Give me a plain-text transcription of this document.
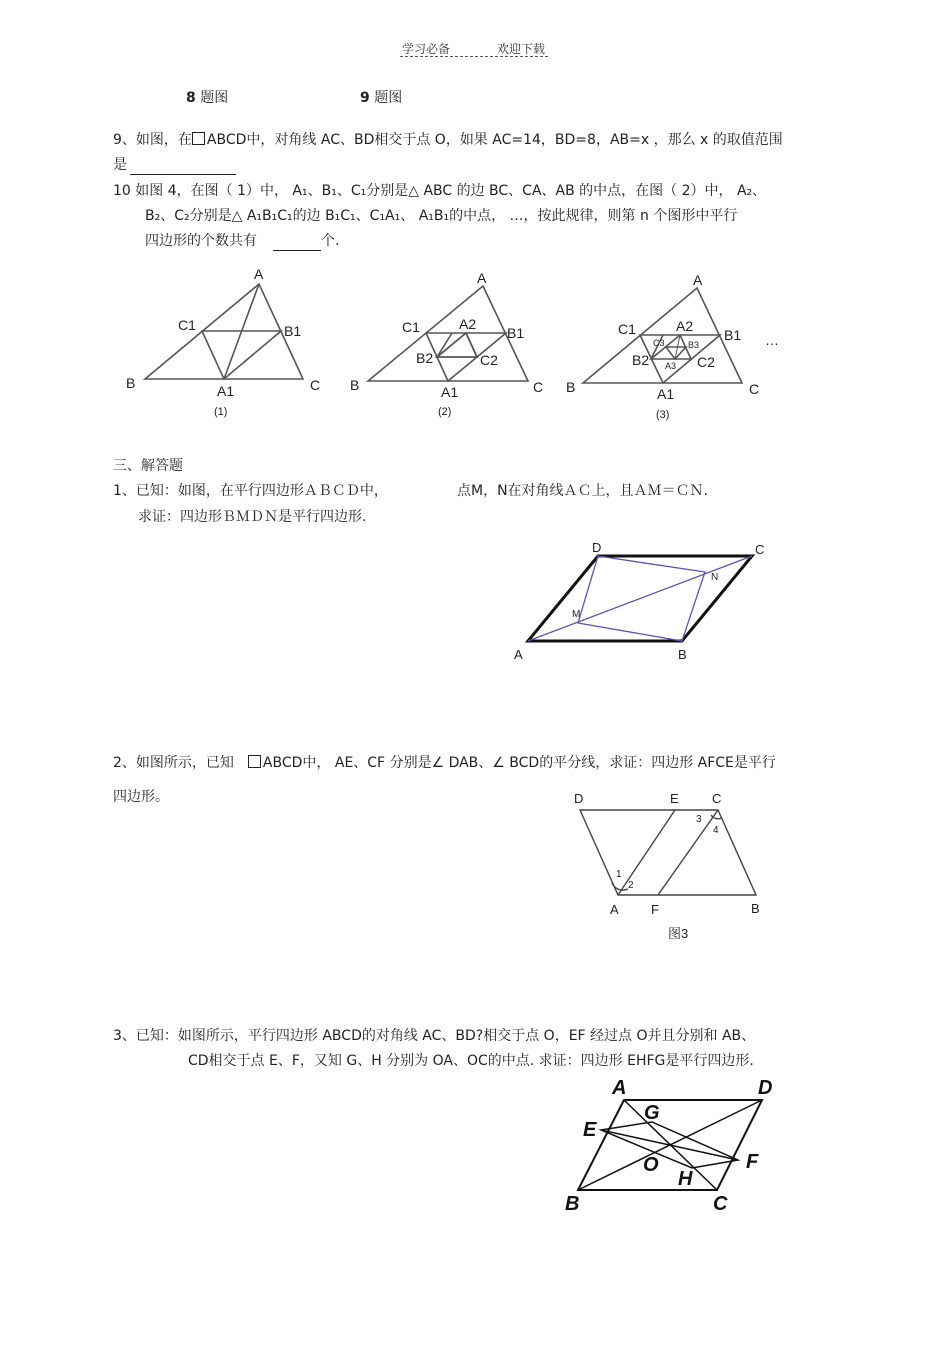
学习必备	欢迎下载
8 题图	9 题图
9、如图，在 ABCD中，对角线 AC、BD相交于点 O，如果 AC=14，BD=8，AB=x ，那么 x 的取值范围
是
10 如图 4，在图（ 1）中， A₁、B₁、C₁分别是△ ABC 的边 BC、CA、AB 的中点，在图（ 2）中， A₂、
B₂、C₂分别是△ A₁B₁C₁的边 B₁C₁、C₁A₁、 A₁B₁的中点， …，按此规律，则第 n 个图形中平行
四边形的个数共有	个.
A
B	C
A1
B1
C1
(1)
A
B	C
A1
B1
C1	A2
B2	C2
(2)
A
B	C
A1
B1
C1	A2
B2	C2
A3
B3
C3
(3)
…
三、解答题
1、已知：如图，在平行四边形ＡＢＣＤ中，	点M，N在对角线ＡＣ上，且ＡＭ＝ＣＮ.
求证：四边形ＢＭＤＮ是平行四边形.
D	C
A	B
M
N
2、如图所示，已知 ABCD中， AE、CF 分别是∠ DAB、∠ BCD的平分线，求证：四边形 AFCE是平行
四边形。	D	E	C
A F	B
1
2
3
4
图3
3、已知：如图所示，平行四边形 ABCD的对角线 AC、BD?相交于点 O，EF 经过点 O并且分别和 AB、
CD相交于点 E、F，又知 G、H 分别为 OA、OC的中点. 求证：四边形 EHFG是平行四边形.
A	D
E
G
O
H
F
B	C
